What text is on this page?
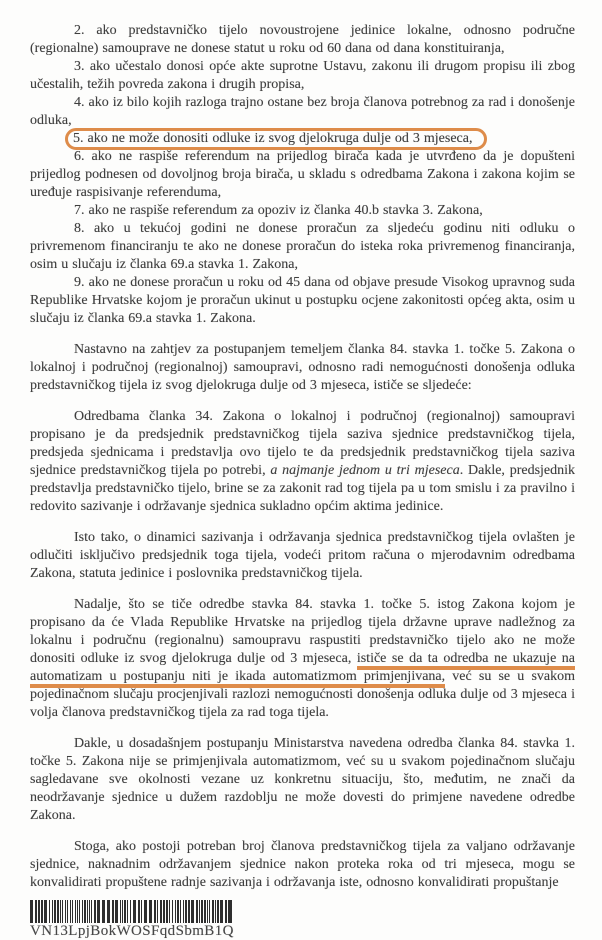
2. ako predstavničko tijelo novoustrojene jedinice lokalne, odnosno područne (regionalne) samouprave ne donese statut u roku od 60 dana od dana konstituiranja,

3. ako učestalo donosi opće akte suprotne Ustavu, zakonu ili drugom propisu ili zbog učestalih, težih povreda zakona i drugih propisa,

4. ako iz bilo kojih razloga trajno ostane bez broja članova potrebnog za rad i donošenje odluka,

5. ako ne može donositi odluke iz svog djelokruga dulje od 3 mjeseca,

6. ako ne raspiše referendum na prijedlog birača kada je utvrđeno da je dopušteni prijedlog podnesen od dovoljnog broja birača, u skladu s odredbama Zakona i zakona kojim se uređuje raspisivanje referenduma,

7. ako ne raspiše referendum za opoziv iz članka 40.b stavka 3. Zakona,

8. ako u tekućoj godini ne donese proračun za sljedeću godinu niti odluku o privremenom financiranju te ako ne donese proračun do isteka roka privremenog financiranja, osim u slučaju iz članka 69.a stavka 1. Zakona,

9. ako ne donese proračun u roku od 45 dana od objave presude Visokog upravnog suda Republike Hrvatske kojom je proračun ukinut u postupku ocjene zakonitosti općeg akta, osim u slučaju iz članka 69.a stavka 1. Zakona.

Nastavno na zahtjev za postupanjem temeljem članka 84. stavka 1. točke 5. Zakona o lokalnoj i područnoj (regionalnoj) samoupravi, odnosno radi nemogućnosti donošenja odluka predstavničkog tijela iz svog djelokruga dulje od 3 mjeseca, ističe se sljedeće:

Odredbama članka 34. Zakona o lokalnoj i područnoj (regionalnoj) samoupravi propisano je da predsjednik predstavničkog tijela saziva sjednice predstavničkog tijela, predsjeda sjednicama i predstavlja ovo tijelo te da predsjednik predstavničkog tijela saziva sjednice predstavničkog tijela po potrebi, a najmanje jednom u tri mjeseca. Dakle, predsjednik predstavlja predstavničko tijelo, brine se za zakonit rad tog tijela pa u tom smislu i za pravilno i redovito sazivanje i održavanje sjednica sukladno općim aktima jedinice.

Isto tako, o dinamici sazivanja i održavanja sjednica predstavničkog tijela ovlašten je odlučiti isključivo predsjednik toga tijela, vodeći pritom računa o mjerodavnim odredbama Zakona, statuta jedinice i poslovnika predstavničkog tijela.

Nadalje, što se tiče odredbe stavka 84. stavka 1. točke 5. istog Zakona kojom je propisano da će Vlada Republike Hrvatske na prijedlog tijela državne uprave nadležnog za lokalnu i područnu (regionalnu) samoupravu raspustiti predstavničko tijelo ako ne može donositi odluke iz svog djelokruga dulje od 3 mjeseca, ističe se da ta odredba ne ukazuje na automatizam u postupanju niti je ikada automatizmom primjenjivana, već su se u svakom pojedinačnom slučaju procjenjivali razlozi nemogućnosti donošenja odluka dulje od 3 mjeseca i volja članova predstavničkog tijela za rad toga tijela.

Dakle, u dosadašnjem postupanju Ministarstva navedena odredba članka 84. stavka 1. točke 5. Zakona nije se primjenjivala automatizmom, već su u svakom pojedinačnom slučaju sagledavane sve okolnosti vezane uz konkretnu situaciju, što, međutim, ne znači da neodržavanje sjednice u dužem razdoblju ne može dovesti do primjene navedene odredbe Zakona.

Stoga, ako postoji potreban broj članova predstavničkog tijela za valjano održavanje sjednice, naknadnim održavanjem sjednice nakon proteka roka od tri mjeseca, mogu se konvalidirati propuštene radnje sazivanja i održavanja iste, odnosno konvalidirati propuštanje

VN13LpjBokWOSFqdSbmB1Q
